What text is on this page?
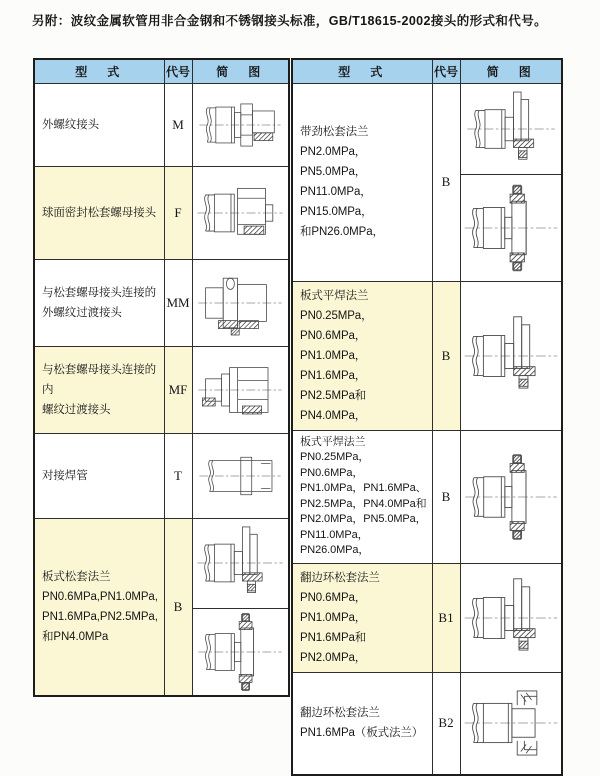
另附：波纹金属软管用非合金钢和不锈钢接头标准，GB/T18615-2002接头的形式和代号。
型　式	代号	简　图
外螺纹接头	M	
球面密封松套螺母接头	F	
与松套螺母接头连接的
外螺纹过渡接头	MM	
与松套螺母接头连接的内
螺纹过渡接头	MF	
对接焊管	T	
板式松套法兰
PN0.6MPa,PN1.0MPa,
PN1.6MPa,PN2.5MPa,
和PN4.0MPa	B	

型　式	代号	简　图
带劲松套法兰
PN2.0MPa，PN5.0MPa，
PN11.0MPa，PN15.0MPa，
和PN26.0MPa，	B	

板式平焊法兰
PN0.25MPa，PN0.6MPa，
PN1.0MPa，PN1.6MPa，
PN2.5MPa和PN4.0MPa，	B	
板式平焊法兰
PN0.25MPa，PN0.6MPa，
PN1.0MPa，PN1.6MPa、
PN2.5MPa，PN4.0MPa和
PN2.0MPa，PN5.0MPa，
PN11.0MPa，PN26.0MPa，	B	
翻边环松套法兰
PN0.6MPa，PN1.0MPa，
PN1.6MPa和PN2.0MPa，	B1	
翻边环松套法兰
PN1.6MPa（板式法兰）	B2	
